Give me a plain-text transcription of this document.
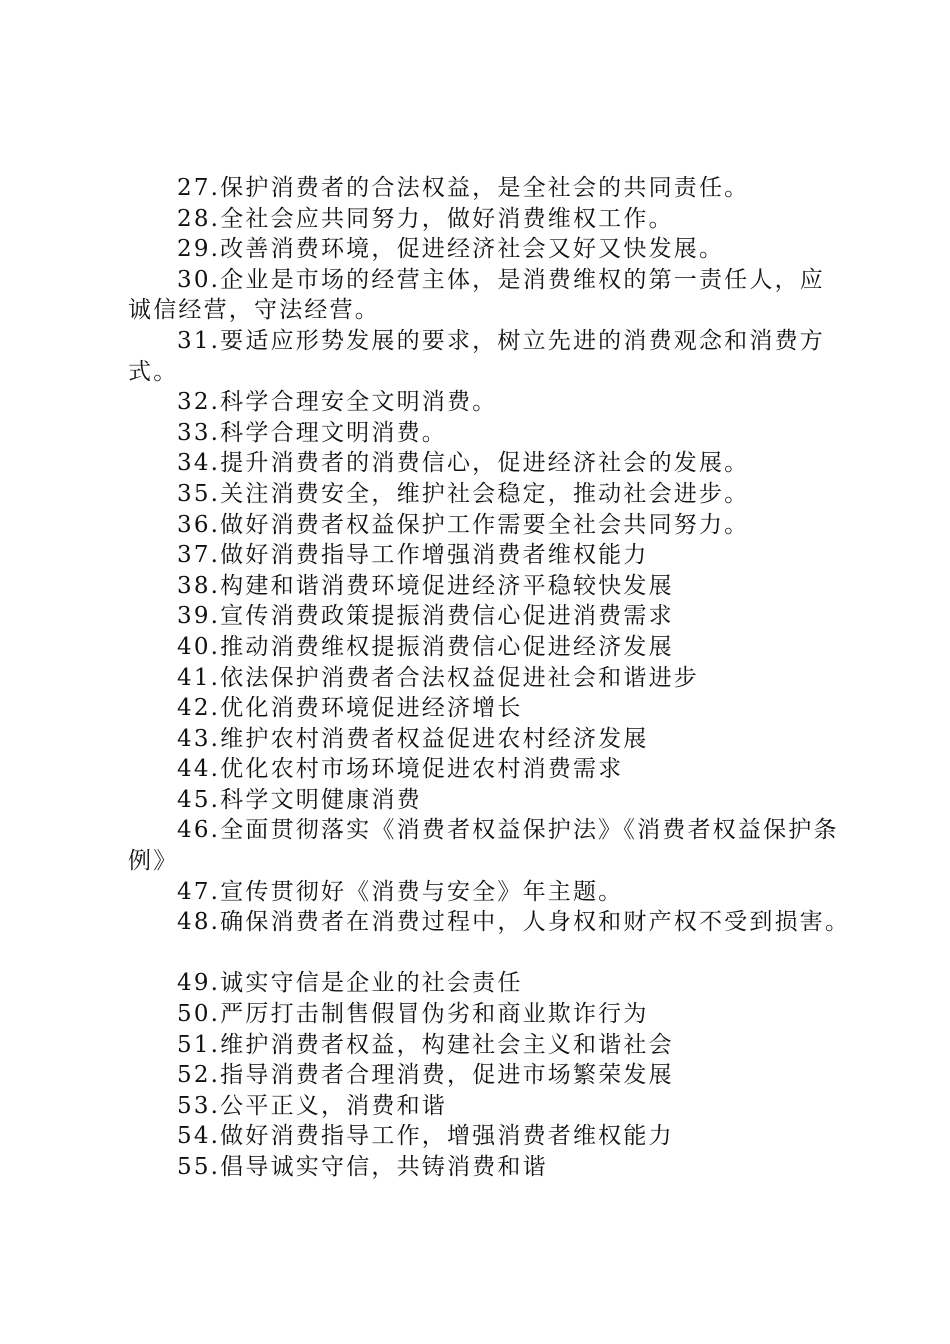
27.保护消费者的合法权益，是全社会的共同责任。

28.全社会应共同努力，做好消费维权工作。

29.改善消费环境，促进经济社会又好又快发展。

30.企业是市场的经营主体，是消费维权的第一责任人，应诚信经营，守法经营。

31.要适应形势发展的要求，树立先进的消费观念和消费方式。

32.科学合理安全文明消费。

33.科学合理文明消费。

34.提升消费者的消费信心，促进经济社会的发展。

35.关注消费安全，维护社会稳定，推动社会进步。

36.做好消费者权益保护工作需要全社会共同努力。

37.做好消费指导工作增强消费者维权能力

38.构建和谐消费环境促进经济平稳较快发展

39.宣传消费政策提振消费信心促进消费需求

40.推动消费维权提振消费信心促进经济发展

41.依法保护消费者合法权益促进社会和谐进步

42.优化消费环境促进经济增长

43.维护农村消费者权益促进农村经济发展

44.优化农村市场环境促进农村消费需求

45.科学文明健康消费

46.全面贯彻落实《消费者权益保护法》《消费者权益保护条例》

47.宣传贯彻好《消费与安全》年主题。

48.确保消费者在消费过程中，人身权和财产权不受到损害。

49.诚实守信是企业的社会责任

50.严厉打击制售假冒伪劣和商业欺诈行为

51.维护消费者权益，构建社会主义和谐社会

52.指导消费者合理消费，促进市场繁荣发展

53.公平正义，消费和谐

54.做好消费指导工作，增强消费者维权能力

55.倡导诚实守信，共铸消费和谐
